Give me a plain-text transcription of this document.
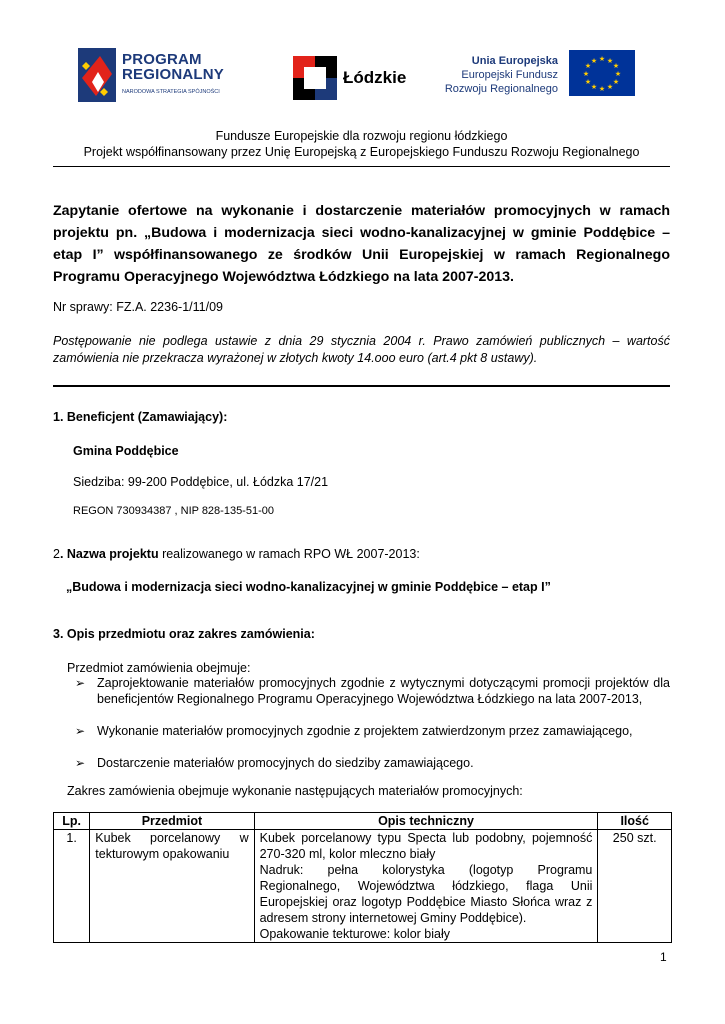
PROGRAM
REGIONALNY
NARODOWA STRATEGIA SPÓJNOŚCI
Łódzkie
Unia Europejska
Europejski Fundusz
Rozwoju Regionalnego
★ ★
★
★
★
★
★
★
★
★
★
★
Fundusze Europejskie dla rozwoju regionu łódzkiego
Projekt współfinansowany przez Unię Europejską z Europejskiego Funduszu Rozwoju Regionalnego
Zapytanie ofertowe na wykonanie i dostarczenie materiałów promocyjnych w ramach projektu pn. „Budowa i modernizacja sieci wodno-kanalizacyjnej w gminie Poddębice – etap I” współfinansowanego ze środków Unii Europejskiej w ramach Regionalnego Programu Operacyjnego Województwa Łódzkiego na lata 2007-2013.
Nr sprawy: FZ.A. 2236-1/11/09
Postępowanie nie podlega ustawie z dnia 29 stycznia 2004 r. Prawo zamówień publicznych – wartość zamówienia nie przekracza wyrażonej w złotych kwoty 14.ooo euro (art.4 pkt 8 ustawy).
1. Beneficjent (Zamawiający):
Gmina Poddębice
Siedziba: 99-200 Poddębice, ul. Łódzka 17/21
REGON 730934387 , NIP 828-135-51-00
2. Nazwa projektu realizowanego w ramach RPO WŁ 2007-2013:
„Budowa i modernizacja sieci wodno-kanalizacyjnej w gminie Poddębice – etap I”
3. Opis przedmiotu oraz zakres zamówienia:
Przedmiot zamówienia obejmuje:
➢ Zaprojektowanie materiałów promocyjnych zgodnie z wytycznymi dotyczącymi promocji projektów dla beneficjentów Regionalnego Programu Operacyjnego Województwa Łódzkiego na lata 2007-2013,
➢ Wykonanie materiałów promocyjnych zgodnie z projektem zatwierdzonym przez zamawiającego,
➢ Dostarczenie materiałów promocyjnych do siedziby zamawiającego.
Zakres zamówienia obejmuje wykonanie następujących materiałów promocyjnych:
Lp.	Przedmiot	Opis techniczny	Ilość
1.	Kubek porcelanowy w tekturowym opakowaniu	Kubek porcelanowy typu Specta lub podobny, pojemność 270-320 ml, kolor mleczno biały
Nadruk: pełna kolorystyka (logotyp Programu Regionalnego, Województwa łódzkiego, flaga Unii Europejskiej oraz logotyp Poddębice Miasto Słońca wraz z adresem strony internetowej Gminy Poddębice).
Opakowanie tekturowe: kolor biały	250 szt.
1
